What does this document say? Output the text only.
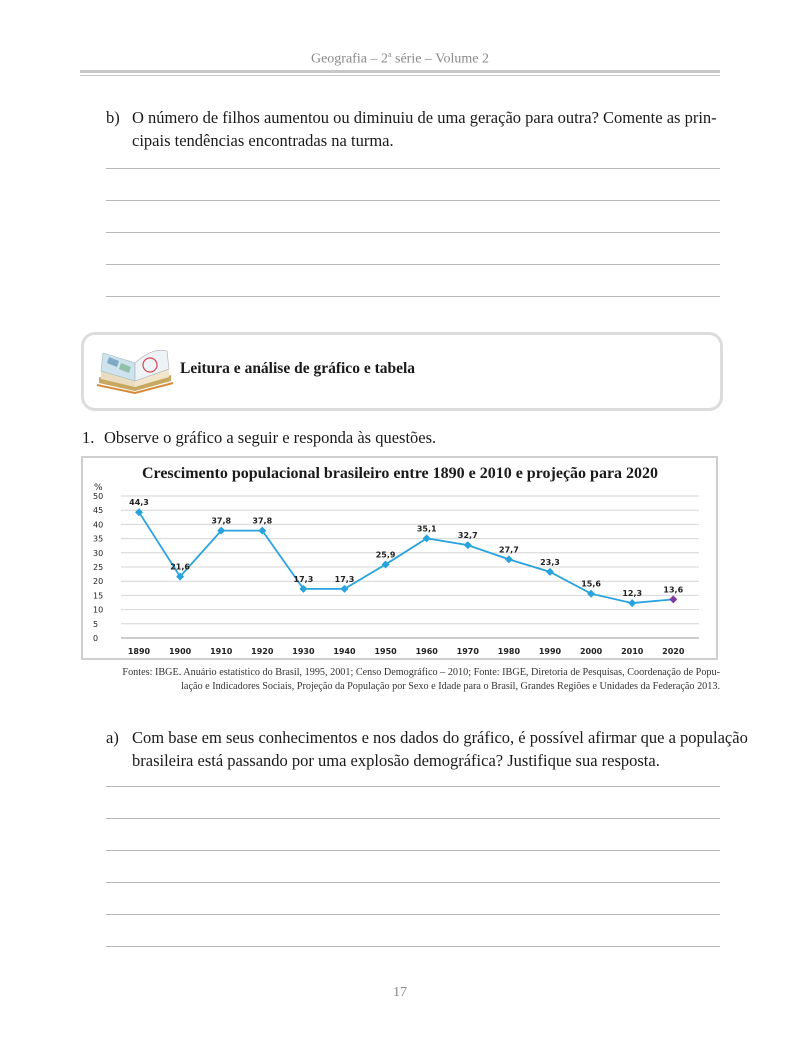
Geografia – 2$^a$ série – Volume 2
b) O número de filhos aumentou ou diminuiu de uma geração para outra? Comente as prin-
cipais tendências encontradas na turma.
Leitura e análise de gráfico e tabela
1. Observe o gráfico a seguir e responda às questões.
Crescimento populacional brasileiro entre 1890 e 2010 e projeção para 2020
0
5
10
15
20
25
30
35
40
45
50
%
1890 1900 1910 1920 1930 1940 1950 1960 1970 1980 1990 2000 2010 2020
44,3
21,6
37,8	37,8
17,3	17,3
25,9
35,1
32,7
27,7
23,3
15,6
12,3	13,6
Fontes: IBGE. Anuário estatístico do Brasil, 1995, 2001; Censo Demográfico – 2010; Fonte: IBGE, Diretoria de Pesquisas, Coordenação de Popu-
lação e Indicadores Sociais, Projeção da População por Sexo e Idade para o Brasil, Grandes Regiões e Unidades da Federação 2013.
a) Com base em seus conhecimentos e nos dados do gráfico, é possível afirmar que a população
brasileira está passando por uma explosão demográfica? Justifique sua resposta.
17
